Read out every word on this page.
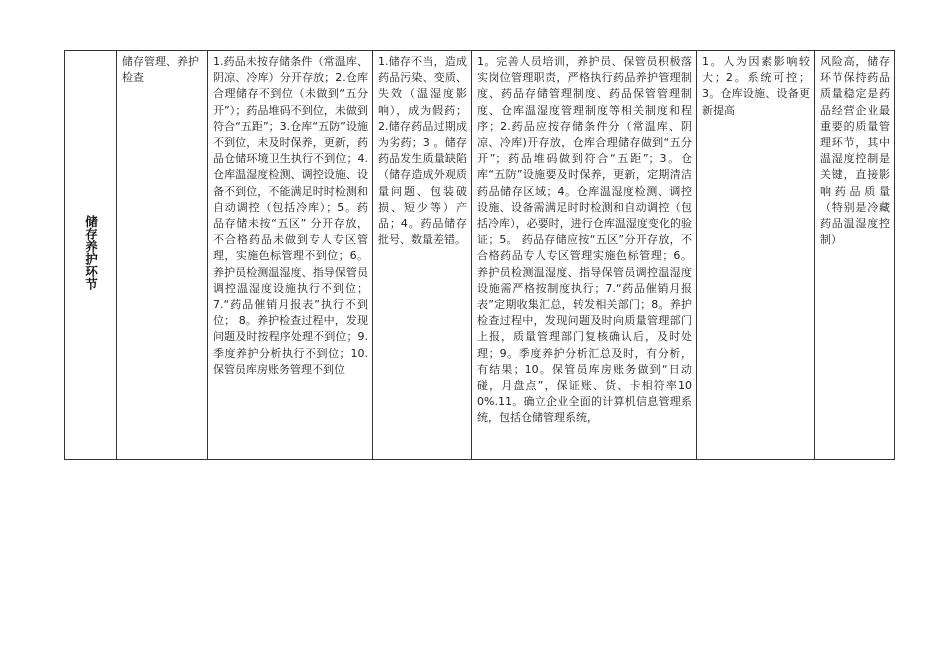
储存养护环节	储存管理、养护检查	1.药品未按存储条件（常温库、阴凉、冷库）分开存放；2.仓库合理储存不到位（未做到“五分开”）；药品堆码不到位，未做到符合“五距”；3.仓库“五防”设施不到位，未及时保养，更新，药品仓储环境卫生执行不到位；4.仓库温湿度检测、调控设施、设备不到位，不能满足时时检测和自动调控（包括冷库）；5。药品存储未按“五区” 分开存放，不合格药品未做到专人专区管理，实施色标管理不到位；6。养护员检测温湿度、指导保管员调控温湿度设施执行不到位；7.“药品催销月报表”执行不到位； 8。养护检查过程中，发现问题及时按程序处理不到位；9.季度养护分析执行不到位；10.保管员库房账务管理不到位	1.储存不当，造成药品污染、变质、失效（温湿度影响），成为假药；2.储存药品过期成为劣药；3 。储存药品发生质量缺陷（储存造成外观质量问题、包装破损、短少等）产品；4。药品储存批号、数量差错。	1。完善人员培训，养护员、保管员积极落实岗位管理职责，严格执行药品养护管理制度、药品存储管理制度、药品保管管理制度、仓库温湿度管理制度等相关制度和程序；2.药品应按存储条件分（常温库、阴凉、冷库)开存放，仓库合理储存做到“五分开”；药品堆码做到符合“五距”；3。仓库“五防”设施要及时保养，更新，定期清洁药品储存区域；4。仓库温湿度检测、调控设施、设备需满足时时检测和自动调控（包括冷库），必要时，进行仓库温湿度变化的验证；5。 药品存储应按“五区”分开存放，不合格药品专人专区管理实施色标管理；6。养护员检测温湿度、指导保管员调控温湿度设施需严格按制度执行；7.“药品催销月报表”定期收集汇总，转发相关部门；8。养护检查过程中，发现问题及时向质量管理部门上报，质量管理部门复核确认后，及时处理；9。季度养护分析汇总及时，有分析，有结果；10。保管员库房账务做到“日动碰，月盘点”，保证账、货、卡相符率100%.11。确立企业全面的计算机信息管理系统，包括仓储管理系统，	1。人为因素影响较大；2。系统可控；3。仓库设施、设备更新提高	风险高，储存环节保持药品质量稳定是药品经营企业最重要的质量管理环节，其中温湿度控制是关键，直接影响药品质量（特别是冷藏药品温湿度控制）
